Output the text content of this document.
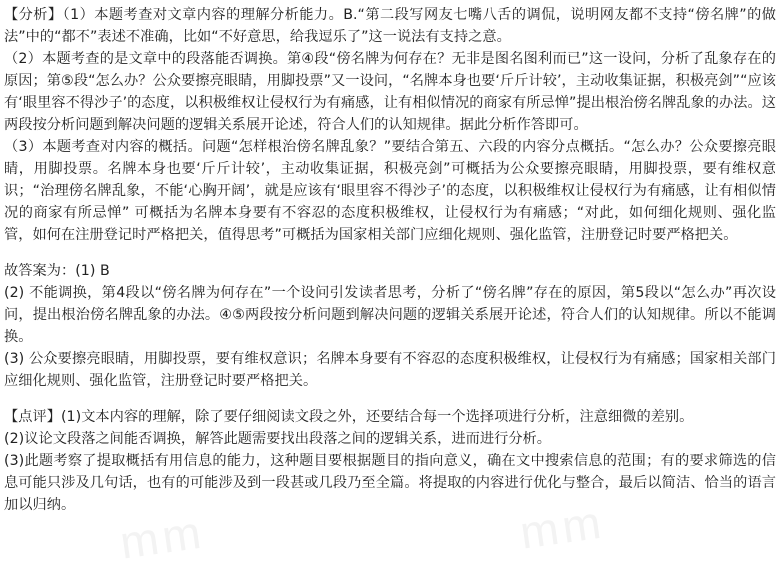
mm	mm
【分析】（1）本题考查对文章内容的理解分析能力。B.“第二段写网友七嘴八舌的调侃，说明网友都不支持“傍名牌”的做法”中的“都不”表述不准确，比如“不好意思，给我逗乐了”这一说法有支持之意。
（2）本题考查的是文章中的段落能否调换。第④段“傍名牌为何存在？无非是图名图利而已”这一设问，分析了乱象存在的原因；第⑤段“怎么办？公众要擦亮眼睛，用脚投票”又一设问，“名牌本身也要‘斤斤计较’，主动收集证据，积极亮剑”“应该有‘眼里容不得沙子’的态度，以积极维权让侵权行为有痛感，让有相似情况的商家有所忌惮”提出根治傍名牌乱象的办法。这两段按分析问题到解决问题的逻辑关系展开论述，符合人们的认知规律。据此分析作答即可。
（3）本题考查对内容的概括。问题“怎样根治傍名牌乱象？”要结合第五、六段的内容分点概括。“怎么办？公众要擦亮眼睛，用脚投票。名牌本身也要‘斤斤计较’，主动收集证据，积极亮剑”可概括为公众要擦亮眼睛，用脚投票，要有维权意识；“治理傍名牌乱象，不能‘心胸开阔’，就是应该有‘眼里容不得沙子’的态度，以积极维权让侵权行为有痛感，让有相似情况的商家有所忌惮” 可概括为名牌本身要有不容忍的态度积极维权，让侵权行为有痛感；“对此，如何细化规则、强化监管，如何在注册登记时严格把关，值得思考”可概括为国家相关部门应细化规则、强化监管，注册登记时要严格把关。
故答案为：(1) B
(2) 不能调换，第4段以“傍名牌为何存在”一个设问引发读者思考，分析了“傍名牌”存在的原因，第5段以“怎么办”再次设问，提出根治傍名牌乱象的办法。④⑤两段按分析问题到解决问题的逻辑关系展开论述，符合人们的认知规律。所以不能调换。
(3) 公众要擦亮眼睛，用脚投票，要有维权意识；名牌本身要有不容忍的态度积极维权，让侵权行为有痛感；国家相关部门应细化规则、强化监管，注册登记时要严格把关。
【点评】(1)文本内容的理解，除了要仔细阅读文段之外，还要结合每一个选择项进行分析，注意细微的差别。
(2)议论文段落之间能否调换，解答此题需要找出段落之间的逻辑关系，进而进行分析。
(3)此题考察了提取概括有用信息的能力，这种题目要根据题目的指向意义，确在文中搜索信息的范围；有的要求筛选的信息可能只涉及几句话，也有的可能涉及到一段甚或几段乃至全篇。将提取的内容进行优化与整合，最后以简洁、恰当的语言加以归纳。
